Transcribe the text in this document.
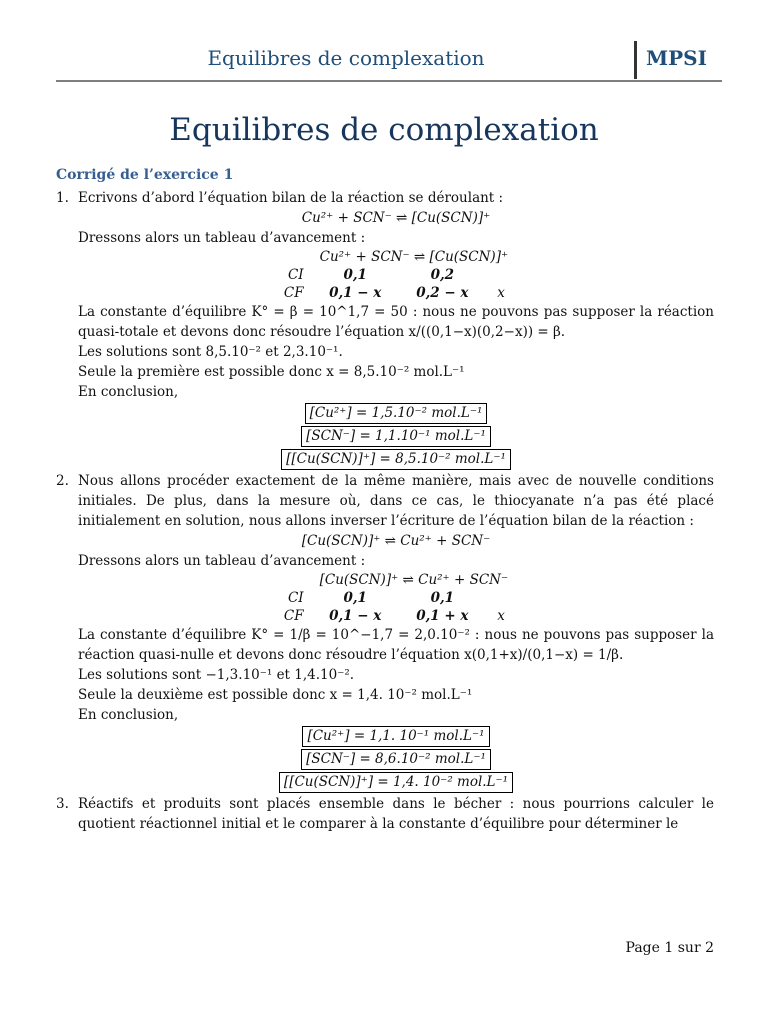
Equilibres de complexation	MPSI
Equilibres de complexation
Corrigé de l’exercice 1
1. Ecrivons d’abord l’équation bilan de la réaction se déroulant :
Cu²⁺ + SCN⁻ ⇌ [Cu(SCN)]⁺
Dressons alors un tableau d’avancement :
	Cu²⁺ + SCN⁻ ⇌ [Cu(SCN)]⁺		
CI	0,1	0,2	
CF	0,1 − x	0,2 − x	x
La constante d’équilibre K° = β = 10^1,7 = 50 : nous ne pouvons pas supposer la réaction quasi-totale et devons donc résoudre l’équation x/((0,1−x)(0,2−x)) = β.
Les solutions sont 8,5.10⁻² et 2,3.10⁻¹.
Seule la première est possible donc x = 8,5.10⁻² mol.L⁻¹
En conclusion,
[Cu²⁺] = 1,5.10⁻² mol.L⁻¹
[SCN⁻] = 1,1.10⁻¹ mol.L⁻¹
[[Cu(SCN)]⁺] = 8,5.10⁻² mol.L⁻¹
2. Nous allons procéder exactement de la même manière, mais avec de nouvelle conditions initiales. De plus, dans la mesure où, dans ce cas, le thiocyanate n’a pas été placé initialement en solution, nous allons inverser l’écriture de l’équation bilan de la réaction :
[Cu(SCN)]⁺ ⇌ Cu²⁺ + SCN⁻
Dressons alors un tableau d’avancement :
	[Cu(SCN)]⁺ ⇌ Cu²⁺ + SCN⁻		
CI	0,1	0,1	
CF	0,1 − x	0,1 + x	x
La constante d’équilibre K° = 1/β = 10^−1,7 = 2,0.10⁻² : nous ne pouvons pas supposer la réaction quasi-nulle et devons donc résoudre l’équation x(0,1+x)/(0,1−x) = 1/β.
Les solutions sont −1,3.10⁻¹ et 1,4.10⁻².
Seule la deuxième est possible donc x = 1,4. 10⁻² mol.L⁻¹
En conclusion,
[Cu²⁺] = 1,1. 10⁻¹ mol.L⁻¹
[SCN⁻] = 8,6.10⁻² mol.L⁻¹
[[Cu(SCN)]⁺] = 1,4. 10⁻² mol.L⁻¹
3. Réactifs et produits sont placés ensemble dans le bécher : nous pourrions calculer le quotient réactionnel initial et le comparer à la constante d’équilibre pour déterminer le
Page 1 sur 2
